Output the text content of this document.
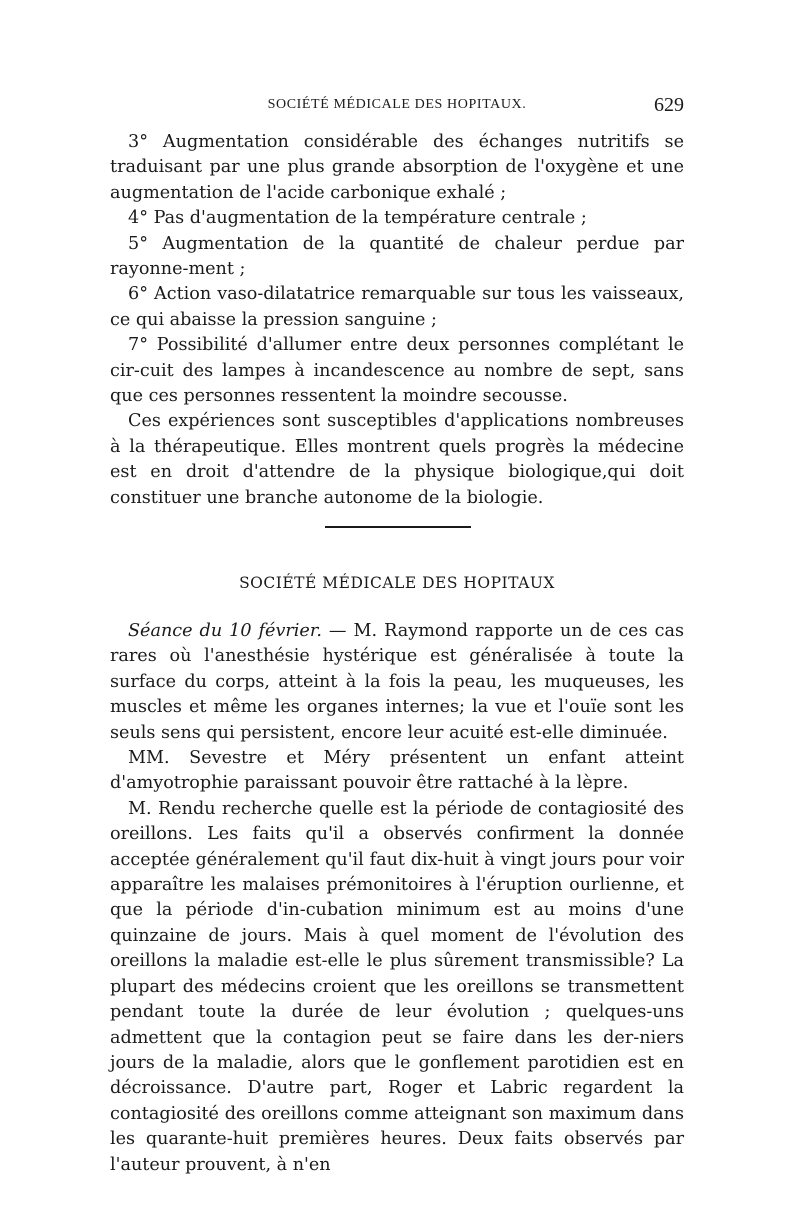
SOCIÉTÉ MÉDICALE DES HOPITAUX.	629

3° Augmentation considérable des échanges nutritifs se traduisant par une plus grande absorption de l'oxygène et une augmentation de l'acide carbonique exhalé ;

4° Pas d'augmentation de la température centrale ;

5° Augmentation de la quantité de chaleur perdue par rayonne-ment ;

6° Action vaso-dilatatrice remarquable sur tous les vaisseaux, ce qui abaisse la pression sanguine ;

7° Possibilité d'allumer entre deux personnes complétant le cir-cuit des lampes à incandescence au nombre de sept, sans que ces personnes ressentent la moindre secousse.

Ces expériences sont susceptibles d'applications nombreuses à la thérapeutique. Elles montrent quels progrès la médecine est en droit d'attendre de la physique biologique,qui doit constituer une branche autonome de la biologie.

SOCIÉTÉ MÉDICALE DES HOPITAUX

Séance du 10 février. — M. Raymond rapporte un de ces cas rares où l'anesthésie hystérique est généralisée à toute la surface du corps, atteint à la fois la peau, les muqueuses, les muscles et même les organes internes; la vue et l'ouïe sont les seuls sens qui persistent, encore leur acuité est-elle diminuée.

MM. Sevestre et Méry présentent un enfant atteint d'amyotrophie paraissant pouvoir être rattaché à la lèpre.

M. Rendu recherche quelle est la période de contagiosité des oreillons. Les faits qu'il a observés confirment la donnée acceptée généralement qu'il faut dix-huit à vingt jours pour voir apparaître les malaises prémonitoires à l'éruption ourlienne, et que la période d'in-cubation minimum est au moins d'une quinzaine de jours. Mais à quel moment de l'évolution des oreillons la maladie est-elle le plus sûrement transmissible? La plupart des médecins croient que les oreillons se transmettent pendant toute la durée de leur évolution ; quelques-uns admettent que la contagion peut se faire dans les der-niers jours de la maladie, alors que le gonflement parotidien est en décroissance. D'autre part, Roger et Labric regardent la contagiosité des oreillons comme atteignant son maximum dans les quarante-huit premières heures. Deux faits observés par l'auteur prouvent, à n'en
